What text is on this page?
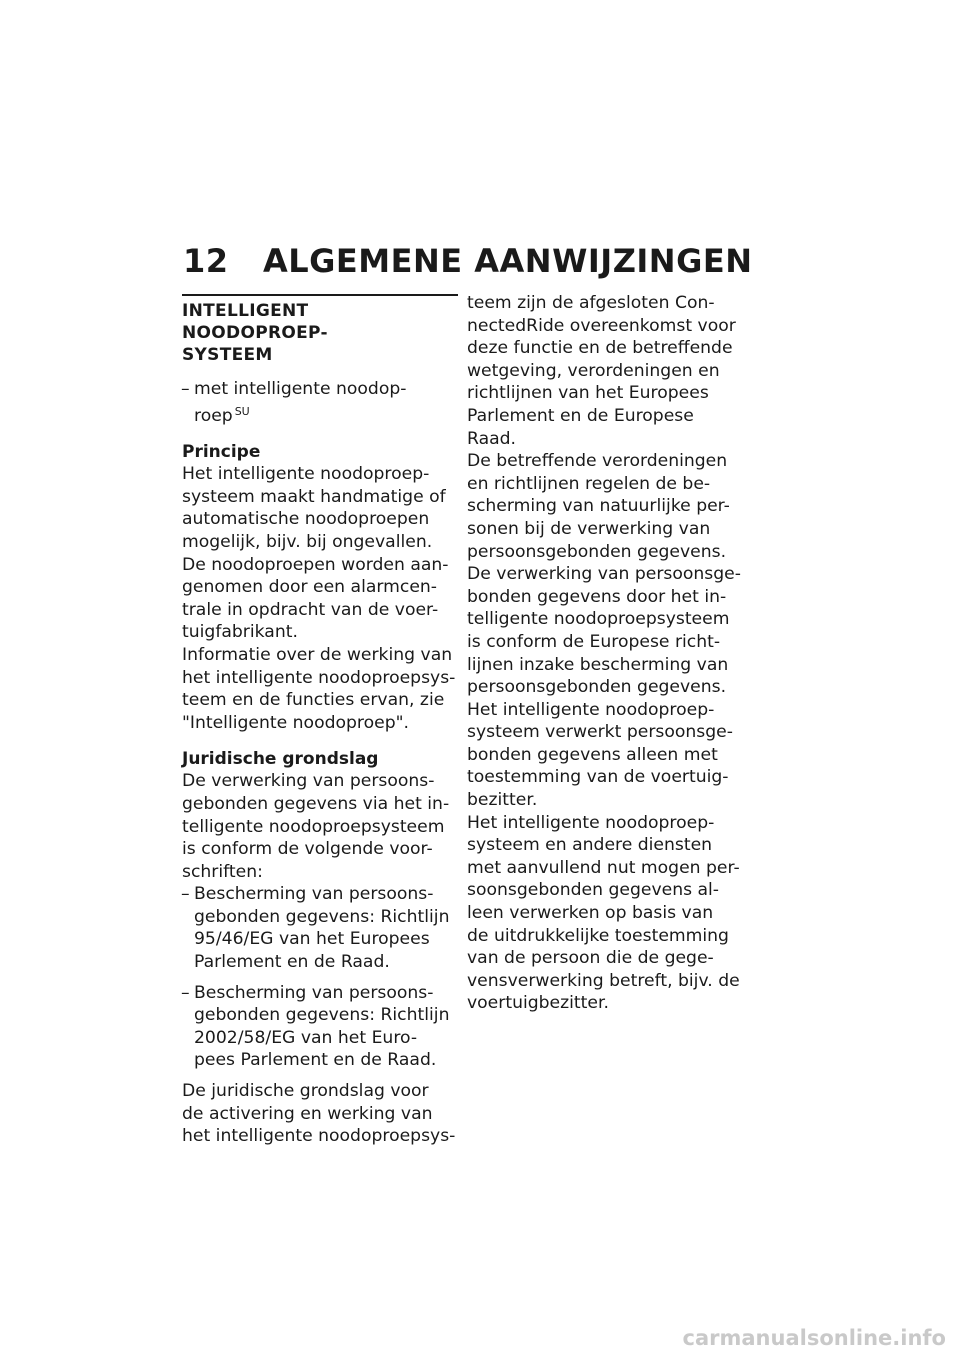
12 ALGEMENE AANWIJZINGEN
INTELLIGENT NOODOPROEP-
SYSTEEM
– met intelligente noodop-
roep $^{SU}$
Principe
Het intelligente noodoproep-
systeem maakt handmatige of
automatische noodoproepen
mogelijk, bijv. bij ongevallen.
De noodoproepen worden aan-
genomen door een alarmcen-
trale in opdracht van de voer-
tuigfabrikant.
Informatie over de werking van
het intelligente noodoproepsys-
teem en de functies ervan, zie
"Intelligente noodoproep".
Juridische grondslag
De verwerking van persoons-
gebonden gegevens via het in-
telligente noodoproepsysteem
is conform de volgende voor-
schriften:
– Bescherming van persoons-
gebonden gegevens: Richtlijn
95/46/EG van het Europees
Parlement en de Raad.
– Bescherming van persoons-
gebonden gegevens: Richtlijn
2002/58/EG van het Euro-
pees Parlement en de Raad.
De juridische grondslag voor
de activering en werking van
het intelligente noodoproepsys-
teem zijn de afgesloten Con-
nectedRide overeenkomst voor
deze functie en de betreffende
wetgeving, verordeningen en
richtlijnen van het Europees
Parlement en de Europese
Raad.
De betreffende verordeningen
en richtlijnen regelen de be-
scherming van natuurlijke per-
sonen bij de verwerking van
persoonsgebonden gegevens.
De verwerking van persoonsge-
bonden gegevens door het in-
telligente noodoproepsysteem
is conform de Europese richt-
lijnen inzake bescherming van
persoonsgebonden gegevens.
Het intelligente noodoproep-
systeem verwerkt persoonsge-
bonden gegevens alleen met
toestemming van de voertuig-
bezitter.
Het intelligente noodoproep-
systeem en andere diensten
met aanvullend nut mogen per-
soonsgebonden gegevens al-
leen verwerken op basis van
de uitdrukkelijke toestemming
van de persoon die de gege-
vensverwerking betreft, bijv. de
voertuigbezitter.
carmanualsonline.info
